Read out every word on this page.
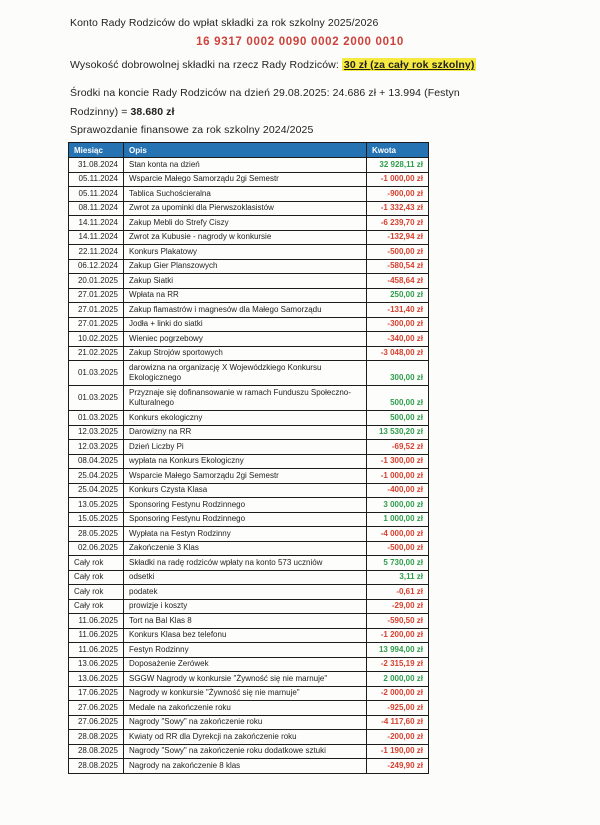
Konto Rady Rodziców do wpłat składki za rok szkolny 2025/2026
16 9317 0002 0090 0002 2000 0010
Wysokość dobrowolnej składki na rzecz Rady Rodziców: 30 zł (za cały rok szkolny)
Środki na koncie Rady Rodziców na dzień 29.08.2025: 24.686 zł + 13.994 (Festyn Rodzinny) = 38.680 zł
Sprawozdanie finansowe za rok szkolny 2024/2025
Miesiąc	Opis	Kwota
31.08.2024	Stan konta na dzień	32 928,11 zł
05.11.2024	Wsparcie Małego Samorządu 2gi Semestr	-1 000,00 zł
05.11.2024	Tablica Suchościeralna	-900,00 zł
08.11.2024	Zwrot za upominki dla Pierwszoklasistów	-1 332,43 zł
14.11.2024	Zakup Mebli do Strefy Ciszy	-6 239,70 zł
14.11.2024	Zwrot za Kubusie - nagrody w konkursie	-132,94 zł
22.11.2024	Konkurs Plakatowy	-500,00 zł
06.12.2024	Zakup Gier Planszowych	-580,54 zł
20.01.2025	Zakup Siatki	-458,64 zł
27.01.2025	Wpłata na RR	250,00 zł
27.01.2025	Zakup flamastrów i magnesów dla Małego Samorządu	-131,40 zł
27.01.2025	Jodła + linki do siatki	-300,00 zł
10.02.2025	Wieniec pogrzebowy	-340,00 zł
21.02.2025	Zakup Strojów sportowych	-3 048,00 zł
01.03.2025	darowizna na organizację X Wojewódzkiego Konkursu Ekologicznego	300,00 zł
01.03.2025	Przyznaje się dofinansowanie w ramach Funduszu Społeczno-Kulturalnego	500,00 zł
01.03.2025	Konkurs ekologiczny	500,00 zł
12.03.2025	Darowizny na RR	13 530,20 zł
12.03.2025	Dzień Liczby Pi	-69,52 zł
08.04.2025	wypłata na Konkurs Ekologiczny	-1 300,00 zł
25.04.2025	Wsparcie Małego Samorządu 2gi Semestr	-1 000,00 zł
25.04.2025	Konkurs Czysta Klasa	-400,00 zł
13.05.2025	Sponsoring Festynu Rodzinnego	3 000,00 zł
15.05.2025	Sponsoring Festynu Rodzinnego	1 000,00 zł
28.05.2025	Wypłata na Festyn Rodzinny	-4 000,00 zł
02.06.2025	Zakończenie 3 Klas	-500,00 zł
Cały rok	Składki na radę rodziców wpłaty na konto 573 uczniów	5 730,00 zł
Cały rok	odsetki	3,11 zł
Cały rok	podatek	-0,61 zł
Cały rok	prowizje i koszty	-29,00 zł
11.06.2025	Tort na Bal Klas 8	-590,50 zł
11.06.2025	Konkurs Klasa bez telefonu	-1 200,00 zł
11.06.2025	Festyn Rodzinny	13 994,00 zł
13.06.2025	Doposażenie Zerówek	-2 315,19 zł
13.06.2025	SGGW Nagrody w konkursie "Żywność się nie marnuje"	2 000,00 zł
17.06.2025	Nagrody w konkursie "Żywność się nie marnuje"	-2 000,00 zł
27.06.2025	Medale na zakończenie roku	-925,00 zł
27.06.2025	Nagrody "Sowy" na zakończenie roku	-4 117,60 zł
28.08.2025	Kwiaty od RR dla Dyrekcji na zakończenie roku	-200,00 zł
28.08.2025	Nagrody "Sowy" na zakończenie roku dodatkowe sztuki	-1 190,00 zł
28.08.2025	Nagrody na zakończenie 8 klas	-249,90 zł
